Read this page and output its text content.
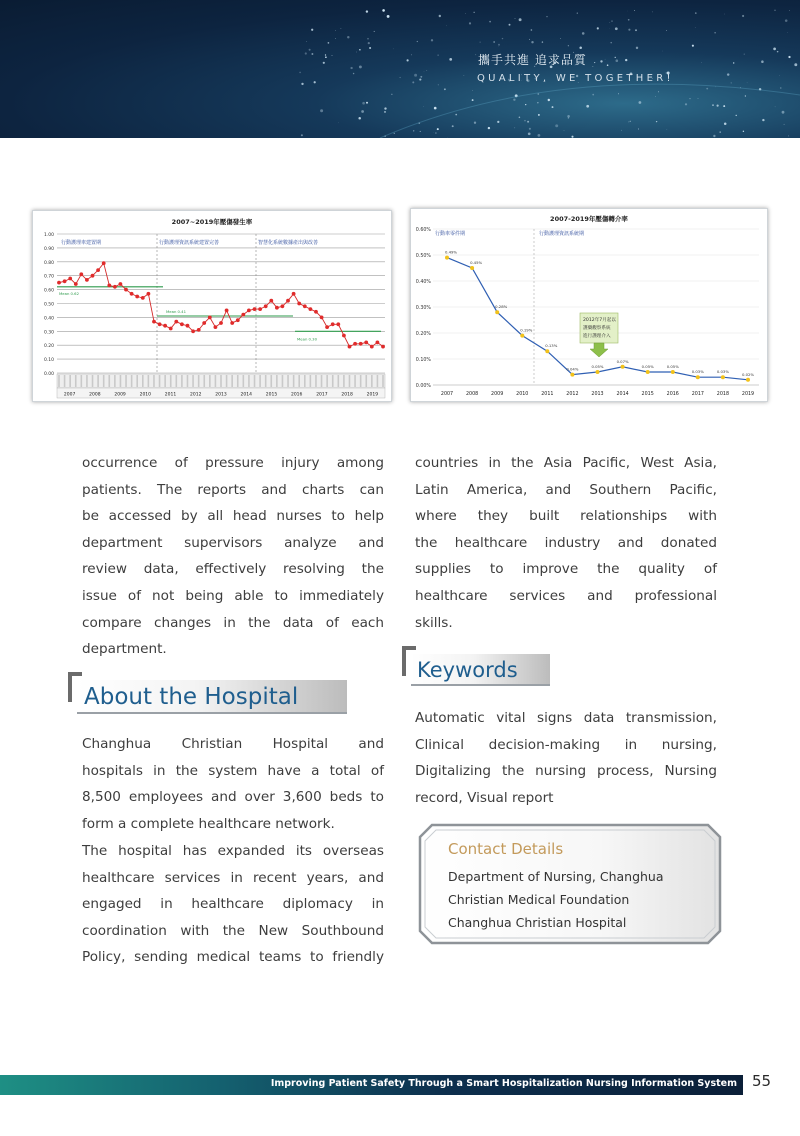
攜手共進 追求品質
QUALITY, WE TOGETHER!
2007~2019年壓傷發生率
0.00
0.10
0.20
0.30
0.40
0.50
0.60
0.70
0.80
0.90
1.00
行動護理車建置期	行動護理資訊系統建置完善	智慧化系統數據產出與改善
Mean 0.62
Mean 0.41
Mean 0.30
2007	2008	2009	2010	2011	2012	2013	2014	2015	2016	2017	2018	2019
2007-2019年壓傷轉介率
0.00%
0.10%
0.20%
0.30%
0.40%
0.50%
0.60%
行動車零件期	行動護理資訊系統期
2007	2008	2009	2010	2011	2012	2013	2014	2015	2016	2017	2018	2019
0.49%
0.45%
0.28%
0.19%
0.13%
0.04%
0.05%
0.07%
0.05%	0.05%
0.03%	0.03%
0.02%
2012年7月起以
護藥觀察系統
進行護理介入
occurrence of pressure injury among
patients. The reports and charts can
be accessed by all head nurses to help
department supervisors analyze and
review data, effectively resolving the
issue of not being able to immediately
compare changes in the data of each
department.
About the Hospital
Changhua Christian Hospital and
hospitals in the system have a total of
8,500 employees and over 3,600 beds to
form a complete healthcare network.
The hospital has expanded its overseas
healthcare services in recent years, and
engaged in healthcare diplomacy in
coordination with the New Southbound
Policy, sending medical teams to friendly
countries in the Asia Pacific, West Asia,
Latin America, and Southern Pacific,
where they built relationships with
the healthcare industry and donated
supplies to improve the quality of
healthcare services and professional
skills.
Keywords
Automatic vital signs data transmission,
Clinical decision-making in nursing,
Digitalizing the nursing process, Nursing
record, Visual report
Contact Details
Department of Nursing, Changhua
Christian Medical Foundation
Changhua Christian Hospital
Improving Patient Safety Through a Smart Hospitalization Nursing Information System 55
